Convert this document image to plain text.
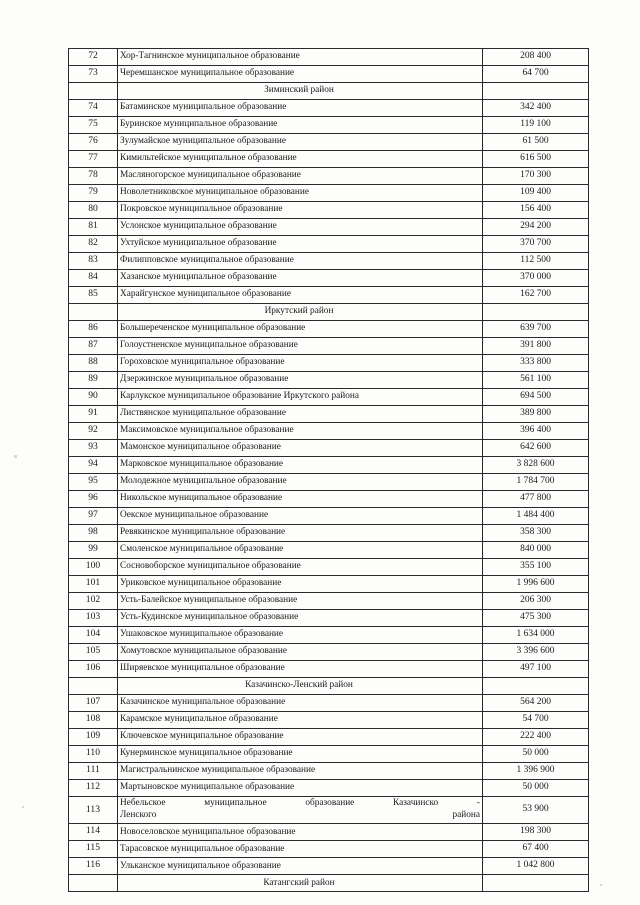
72	Хор-Тагнинское муниципальное образование	208 400
73	Черемшанское муниципальное образование	64 700
	Зиминский район	
74	Батаминское муниципальное образование	342 400
75	Буринское муниципальное образование	119 100
76	Зулумайское муниципальное образование	61 500
77	Кимильтейское муниципальное образование	616 500
78	Масляногорское муниципальное образование	170 300
79	Новолетниковское муниципальное образование	109 400
80	Покровское муниципальное образование	156 400
81	Услонское муниципальное образование	294 200
82	Ухтуйское муниципальное образование	370 700
83	Филипповское муниципальное образование	112 500
84	Хазанское муниципальное образование	370 000
85	Харайгунское муниципальное образование	162 700
	Иркутский район	
86	Большереченское муниципальное образование	639 700
87	Голоустненское муниципальное образование	391 800
88	Гороховское муниципальное образование	333 800
89	Дзержинское муниципальное образование	561 100
90	Карлукское муниципальное образование Иркутского района	694 500
91	Листвянское муниципальное образование	389 800
92	Максимовское муниципальное образование	396 400
93	Мамонское муниципальное образование	642 600
94	Марковское муниципальное образование	3 828 600
95	Молодежное муниципальное образование	1 784 700
96	Никольское муниципальное образование	477 800
97	Оекское муниципальное образование	1 484 400
98	Ревякинское муниципальное образование	358 300
99	Смоленское муниципальное образование	840 000
100	Сосновоборское муниципальное образование	355 100
101	Уриковское муниципальное образование	1 996 600
102	Усть-Балейское муниципальное образование	206 300
103	Усть-Кудинское муниципальное образование	475 300
104	Ушаковское муниципальное образование	1 634 000
105	Хомутовское муниципальное образование	3 396 600
106	Ширяевское муниципальное образование	497 100
	Казачинско-Ленский район	
107	Казачинское муниципальное образование	564 200
108	Карамское муниципальное образование	54 700
109	Ключевское муниципальное образование	222 400
110	Кунерминское муниципальное образование	50 000
111	Магистральнинское муниципальное образование	1 396 900
112	Мартыновское муниципальное образование	50 000
113	Небельское муниципальное образование Казачинско -
Ленского района	53 900
114	Новоселовское муниципальное образование	198 300
115	Тарасовское муниципальное образование	67 400
116	Ульканское муниципальное образование	1 042 800
	Катангский район	
